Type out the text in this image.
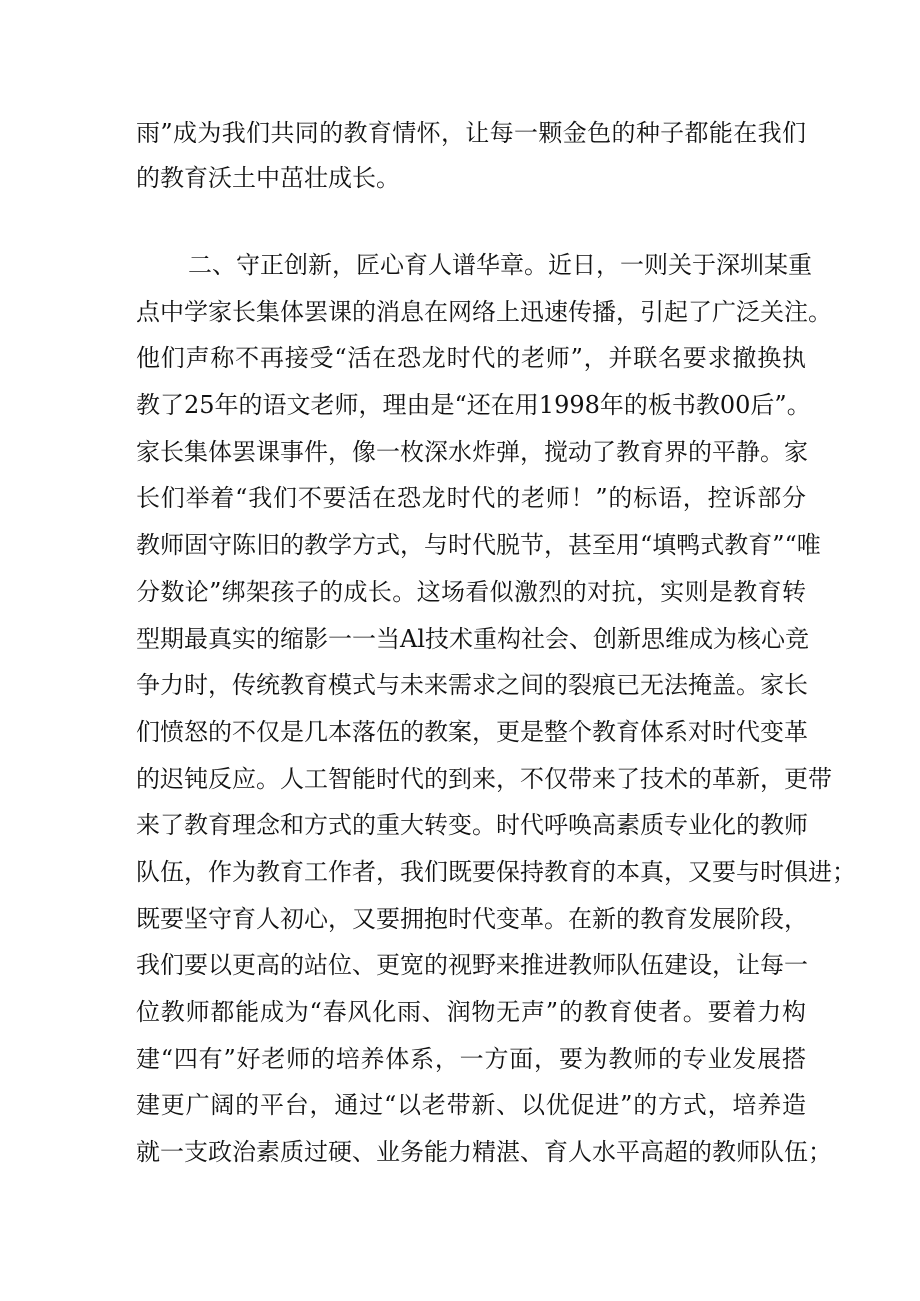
雨”成为我们共同的教育情怀，让每一颗金色的种子都能在我们
的教育沃土中茁壮成长。
二、守正创新，匠心育人谱华章。近日，一则关于深圳某重
点中学家长集体罢课的消息在网络上迅速传播，引起了广泛关注。
他们声称不再接受“活在恐龙时代的老师”，并联名要求撤换执
教了25年的语文老师，理由是“还在用1998年的板书教00后”。
家长集体罢课事件，像一枚深水炸弹，搅动了教育界的平静。家
长们举着“我们不要活在恐龙时代的老师！”的标语，控诉部分
教师固守陈旧的教学方式，与时代脱节，甚至用“填鸭式教育”“唯
分数论”绑架孩子的成长。这场看似激烈的对抗，实则是教育转
型期最真实的缩影一一当Al技术重构社会、创新思维成为核心竞
争力时，传统教育模式与未来需求之间的裂痕已无法掩盖。家长
们愤怒的不仅是几本落伍的教案，更是整个教育体系对时代变革
的迟钝反应。人工智能时代的到来，不仅带来了技术的革新，更带
来了教育理念和方式的重大转变。时代呼唤高素质专业化的教师
队伍，作为教育工作者，我们既要保持教育的本真，又要与时俱进；
既要坚守育人初心，又要拥抱时代变革。在新的教育发展阶段，
我们要以更高的站位、更宽的视野来推进教师队伍建设，让每一
位教师都能成为“春风化雨、润物无声”的教育使者。要着力构
建“四有”好老师的培养体系，一方面，要为教师的专业发展搭
建更广阔的平台，通过“以老带新、以优促进”的方式，培养造
就一支政治素质过硬、业务能力精湛、育人水平高超的教师队伍；
